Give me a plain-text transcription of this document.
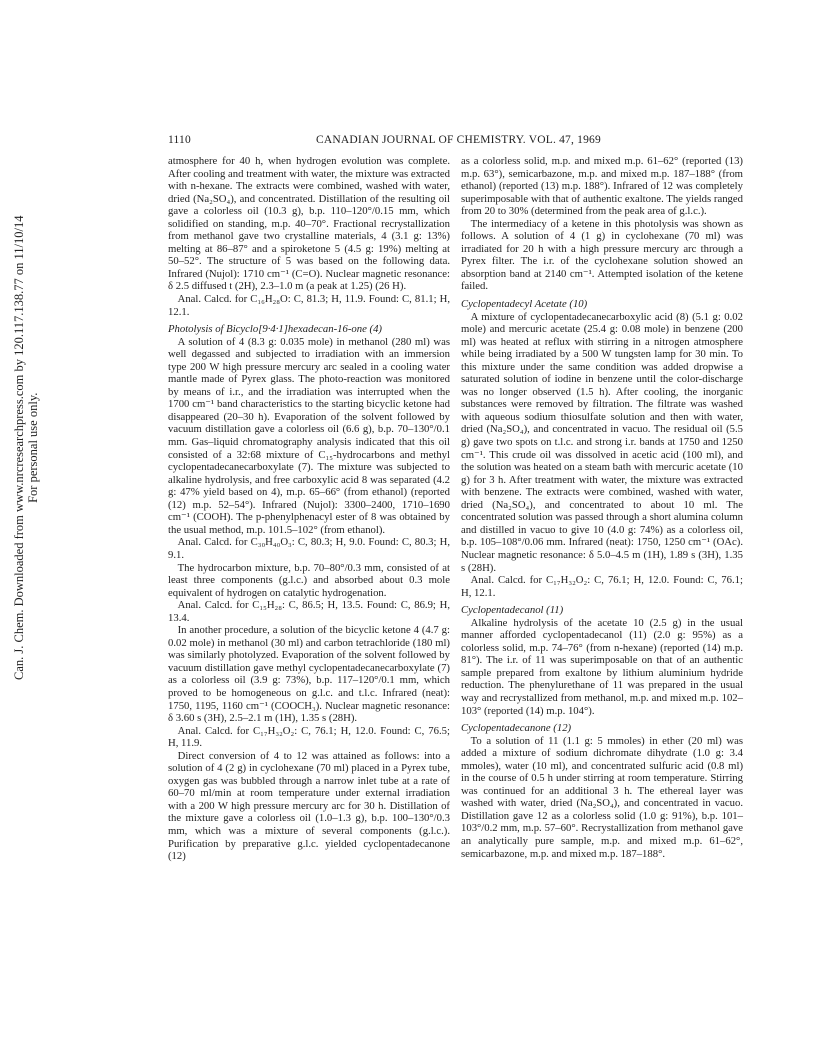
Can. J. Chem. Downloaded from www.nrcresearchpress.com by 120.117.138.77 on 11/10/14 For personal use only.
1110	CANADIAN JOURNAL OF CHEMISTRY. VOL. 47, 1969

atmosphere for 40 h, when hydrogen evolution was complete. After cooling and treatment with water, the mixture was extracted with n-hexane. The extracts were combined, washed with water, dried (Na₂SO₄), and concentrated. Distillation of the resulting oil gave a colorless oil (10.3 g), b.p. 110–120°/0.15 mm, which solidified on standing, m.p. 40–70°. Fractional recrystallization from methanol gave two crystalline materials, 4 (3.1 g: 13%) melting at 86–87° and a spiroketone 5 (4.5 g: 19%) melting at 50–52°. The structure of 5 was based on the following data. Infrared (Nujol): 1710 cm⁻¹ (C=O). Nuclear magnetic resonance: δ 2.5 diffused t (2H), 2.3–1.0 m (a peak at 1.25) (26 H).

Anal. Calcd. for C₁₆H₂₈O: C, 81.3; H, 11.9. Found: C, 81.1; H, 12.1.

Photolysis of Bicyclo[9·4·1]hexadecan-16-one (4)

A solution of 4 (8.3 g: 0.035 mole) in methanol (280 ml) was well degassed and subjected to irradiation with an immersion type 200 W high pressure mercury arc sealed in a cooling water mantle made of Pyrex glass. The photo-reaction was monitored by means of i.r., and the irradiation was interrupted when the 1700 cm⁻¹ band characteristics to the starting bicyclic ketone had disappeared (20–30 h). Evaporation of the solvent followed by vacuum distillation gave a colorless oil (6.6 g), b.p. 70–130°/0.1 mm. Gas–liquid chromatography analysis indicated that this oil consisted of a 32:68 mixture of C₁₅-hydrocarbons and methyl cyclopentadecanecarboxylate (7). The mixture was subjected to alkaline hydrolysis, and free carboxylic acid 8 was separated (4.2 g: 47% yield based on 4), m.p. 65–66° (from ethanol) (reported (12) m.p. 52–54°). Infrared (Nujol): 3300–2400, 1710–1690 cm⁻¹ (COOH). The p-phenylphenacyl ester of 8 was obtained by the usual method, m.p. 101.5–102° (from ethanol).

Anal. Calcd. for C₃₀H₄₀O₃: C, 80.3; H, 9.0. Found: C, 80.3; H, 9.1.

The hydrocarbon mixture, b.p. 70–80°/0.3 mm, consisted of at least three components (g.l.c.) and absorbed about 0.3 mole equivalent of hydrogen on catalytic hydrogenation.

Anal. Calcd. for C₁₅H₂₈: C, 86.5; H, 13.5. Found: C, 86.9; H, 13.4.

In another procedure, a solution of the bicyclic ketone 4 (4.7 g: 0.02 mole) in methanol (30 ml) and carbon tetrachloride (180 ml) was similarly photolyzed. Evaporation of the solvent followed by vacuum distillation gave methyl cyclopentadecanecarboxylate (7) as a colorless oil (3.9 g: 73%), b.p. 117–120°/0.1 mm, which proved to be homogeneous on g.l.c. and t.l.c. Infrared (neat): 1750, 1195, 1160 cm⁻¹ (COOCH₃). Nuclear magnetic resonance: δ 3.60 s (3H), 2.5–2.1 m (1H), 1.35 s (28H).

Anal. Calcd. for C₁₇H₃₂O₂: C, 76.1; H, 12.0. Found: C, 76.5; H, 11.9.

Direct conversion of 4 to 12 was attained as follows: into a solution of 4 (2 g) in cyclohexane (70 ml) placed in a Pyrex tube, oxygen gas was bubbled through a narrow inlet tube at a rate of 60–70 ml/min at room temperature under external irradiation with a 200 W high pressure mercury arc for 30 h. Distillation of the mixture gave a colorless oil (1.0–1.3 g), b.p. 100–130°/0.3 mm, which was a mixture of several components (g.l.c.). Purification by preparative g.l.c. yielded cyclopentadecanone (12)

as a colorless solid, m.p. and mixed m.p. 61–62° (reported (13) m.p. 63°), semicarbazone, m.p. and mixed m.p. 187–188° (from ethanol) (reported (13) m.p. 188°). Infrared of 12 was completely superimposable with that of authentic exaltone. The yields ranged from 20 to 30% (determined from the peak area of g.l.c.).

The intermediacy of a ketene in this photolysis was shown as follows. A solution of 4 (1 g) in cyclohexane (70 ml) was irradiated for 20 h with a high pressure mercury arc through a Pyrex filter. The i.r. of the cyclohexane solution showed an absorption band at 2140 cm⁻¹. Attempted isolation of the ketene failed.

Cyclopentadecyl Acetate (10)

A mixture of cyclopentadecanecarboxylic acid (8) (5.1 g: 0.02 mole) and mercuric acetate (25.4 g: 0.08 mole) in benzene (200 ml) was heated at reflux with stirring in a nitrogen atmosphere while being irradiated by a 500 W tungsten lamp for 30 min. To this mixture under the same condition was added dropwise a saturated solution of iodine in benzene until the color-discharge was no longer observed (1.5 h). After cooling, the inorganic substances were removed by filtration. The filtrate was washed with aqueous sodium thiosulfate solution and then with water, dried (Na₂SO₄), and concentrated in vacuo. The residual oil (5.5 g) gave two spots on t.l.c. and strong i.r. bands at 1750 and 1250 cm⁻¹. This crude oil was dissolved in acetic acid (100 ml), and the solution was heated on a steam bath with mercuric acetate (10 g) for 3 h. After treatment with water, the mixture was extracted with benzene. The extracts were combined, washed with water, dried (Na₂SO₄), and concentrated to about 10 ml. The concentrated solution was passed through a short alumina column and distilled in vacuo to give 10 (4.0 g: 74%) as a colorless oil, b.p. 105–108°/0.06 mm. Infrared (neat): 1750, 1250 cm⁻¹ (OAc). Nuclear magnetic resonance: δ 5.0–4.5 m (1H), 1.89 s (3H), 1.35 s (28H).

Anal. Calcd. for C₁₇H₃₂O₂: C, 76.1; H, 12.0. Found: C, 76.1; H, 12.1.

Cyclopentadecanol (11)

Alkaline hydrolysis of the acetate 10 (2.5 g) in the usual manner afforded cyclopentadecanol (11) (2.0 g: 95%) as a colorless solid, m.p. 74–76° (from n-hexane) (reported (14) m.p. 81°). The i.r. of 11 was superimposable on that of an authentic sample prepared from exaltone by lithium aluminium hydride reduction. The phenylurethane of 11 was prepared in the usual way and recrystallized from methanol, m.p. and mixed m.p. 102–103° (reported (14) m.p. 104°).

Cyclopentadecanone (12)

To a solution of 11 (1.1 g: 5 mmoles) in ether (20 ml) was added a mixture of sodium dichromate dihydrate (1.0 g: 3.4 mmoles), water (10 ml), and concentrated sulfuric acid (0.8 ml) in the course of 0.5 h under stirring at room temperature. Stirring was continued for an additional 3 h. The ethereal layer was washed with water, dried (Na₂SO₄), and concentrated in vacuo. Distillation gave 12 as a colorless solid (1.0 g: 91%), b.p. 101–103°/0.2 mm, m.p. 57–60°. Recrystallization from methanol gave an analytically pure sample, m.p. and mixed m.p. 61–62°, semicarbazone, m.p. and mixed m.p. 187–188°.
